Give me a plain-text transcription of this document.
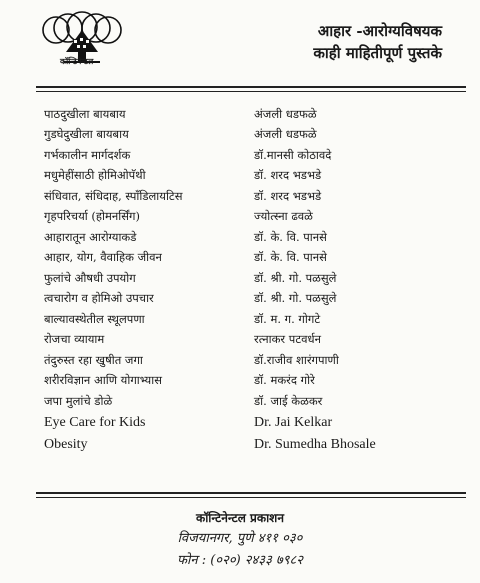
कॉन्टिनेन्टल
आहार -आरोग्यविषयक
काही माहितीपूर्ण पुस्तके
पाठदुखीला बायबाय	अंजली धडफळे
गुडघेदुखीला बायबाय	अंजली धडफळे
गर्भकालीन मार्गदर्शक	डॉ.मानसी कोठावदे
मधुमेहींसाठी होमिओपॅथी	डॉ. शरद भडभडे
संधिवात, संधिदाह, स्पॉंडिलायटिस	डॉ. शरद भडभडे
गृहपरिचर्या (होमनर्सिंग)	ज्योत्स्ना ढवळे
आहारातून आरोग्याकडे	डॉ. के. वि. पानसे
आहार, योग, वैवाहिक जीवन	डॉ. के. वि. पानसे
फुलांचे औषधी उपयोग	डॉ. श्री. गो. पळसुले
त्वचारोग व होमिओ उपचार	डॉ. श्री. गो. पळसुले
बाल्यावस्थेतील स्थूलपणा	डॉ. म. ग. गोगटे
रोजचा व्यायाम	रत्नाकर पटवर्धन
तंदुरुस्त रहा खुषीत जगा	डॉ.राजीव शारंगपाणी
शरीरविज्ञान आणि योगाभ्यास	डॉ. मकरंद गोरे
जपा मुलांचे डोळे	डॉ. जाई केळकर
Eye Care for Kids	Dr. Jai Kelkar
Obesity	Dr. Sumedha Bhosale
कॉन्टिनेन्टल प्रकाशन
विजयानगर, पुणे ४११ ०३०
फोन : (०२०) २४३३ ७९८२
